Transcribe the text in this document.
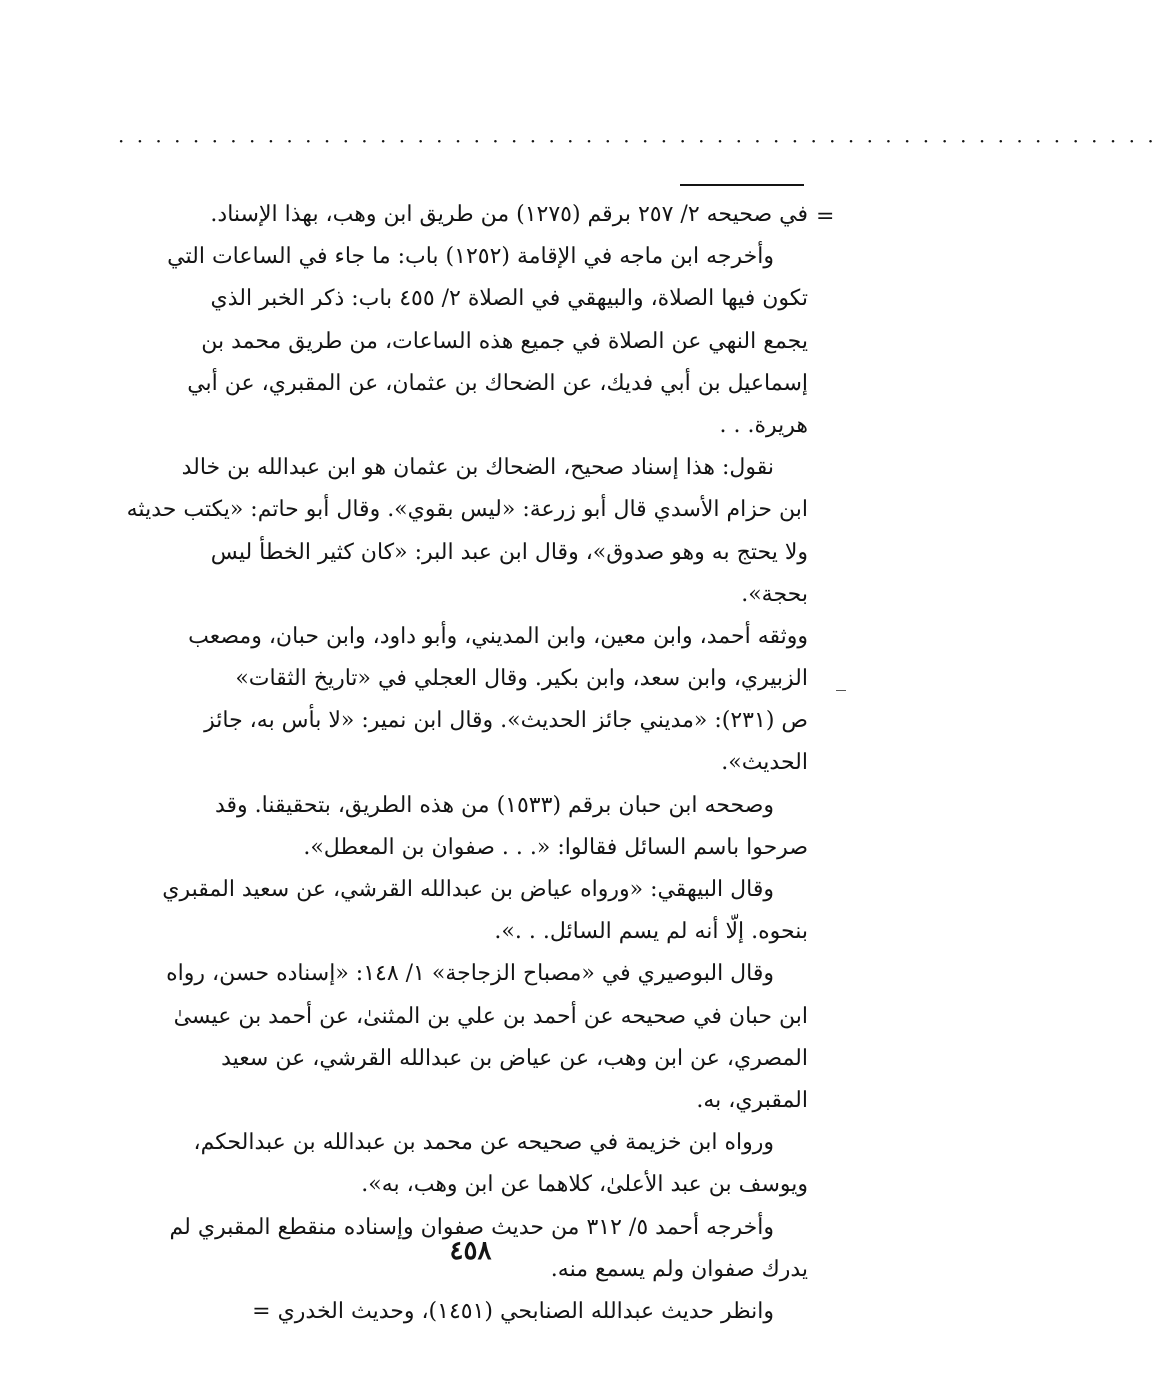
· · · · · · · · · · · · · · · · · · · · · · · · · · · · · · · · · · · · · · · · · · · · · · · · · · · · · · · ·
=
في صحيحه ٢/ ٢٥٧ برقم (١٢٧٥) من طريق ابن وهب، بهذا الإسناد.
وأخرجه ابن ماجه في الإقامة (١٢٥٢) باب: ما جاء في الساعات التي
تكون فيها الصلاة، والبيهقي في الصلاة ٢/ ٤٥٥ باب: ذكر الخبر الذي
يجمع النهي عن الصلاة في جميع هذه الساعات، من طريق محمد بن
إسماعيل بن أبي فديك، عن الضحاك بن عثمان، عن المقبري، عن أبي
هريرة. . .
نقول: هذا إسناد صحيح، الضحاك بن عثمان هو ابن عبدالله بن خالد
ابن حزام الأسدي قال أبو زرعة: «ليس بقوي». وقال أبو حاتم: «يكتب حديثه
ولا يحتج به وهو صدوق»، وقال ابن عبد البر: «كان كثير الخطأ ليس
بحجة».
ووثقه أحمد، وابن معين، وابن المديني، وأبو داود، وابن حبان، ومصعب
الزبيري، وابن سعد، وابن بكير. وقال العجلي في «تاريخ الثقات»
ص (٢٣١): «مديني جائز الحديث». وقال ابن نمير: «لا بأس به، جائز
الحديث».
وصححه ابن حبان برقم (١٥٣٣) من هذه الطريق، بتحقيقنا. وقد
صرحوا باسم السائل فقالوا: «. . . صفوان بن المعطل».
وقال البيهقي: «ورواه عياض بن عبدالله القرشي، عن سعيد المقبري
بنحوه. إلّا أنه لم يسم السائل. . .».
وقال البوصيري في «مصباح الزجاجة» ١/ ١٤٨: «إسناده حسن، رواه
ابن حبان في صحيحه عن أحمد بن علي بن المثنىٰ، عن أحمد بن عيسىٰ
المصري، عن ابن وهب، عن عياض بن عبدالله القرشي، عن سعيد
المقبري، به.
ورواه ابن خزيمة في صحيحه عن محمد بن عبدالله بن عبدالحكم،
ويوسف بن عبد الأعلىٰ، كلاهما عن ابن وهب، به».
وأخرجه أحمد ٥/ ٣١٢ من حديث صفوان وإسناده منقطع المقبري لم
يدرك صفوان ولم يسمع منه.
وانظر حديث عبدالله الصنابحي (١٤٥١)، وحديث الخدري =
٤٥٨
